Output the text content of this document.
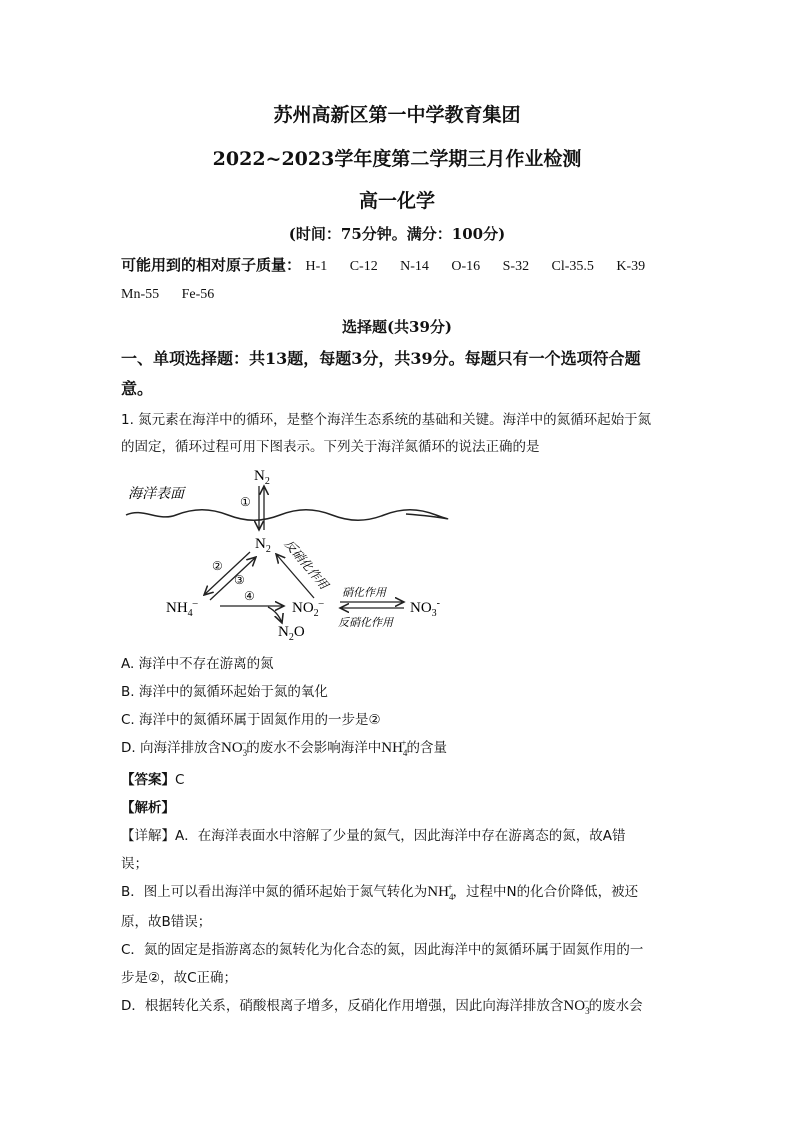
苏州高新区第一中学教育集团
2022~2023学年度第二学期三月作业检测
高一化学
(时间：75分钟。满分：100分)
可能用到的相对原子质量： H-1 C-12 N-14 O-16 S-32 Cl-35.5 K-39
Mn-55 Fe-56
选择题(共39分)
一、单项选择题：共13题，每题3分，共39分。每题只有一个选项符合题
意。
1. 氮元素在海洋中的循环，是整个海洋生态系统的基础和关键。海洋中的氮循环起始于氮
的固定，循环过程可用下图表示。下列关于海洋氮循环的说法正确的是
海洋表面
$N_2$
①
$N_2$
②
③	反硝化作用
$NH_4^-$
④
$NO_2^-$
$N_2O$
硝化作用
反硝化作用
$NO_3^-$
A. 海洋中不存在游离的氮
B. 海洋中的氮循环起始于氮的氧化
C. 海洋中的氮循环属于固氮作用的一步是②
D. 向海洋排放含$NO_3^-$的废水不会影响海洋中$NH_4^+$的含量
【答案】C
【解析】
【详解】A．在海洋表面水中溶解了少量的氮气，因此海洋中存在游离态的氮，故A错
误；
B．图上可以看出海洋中氮的循环起始于氮气转化为$NH_4^+$，过程中N的化合价降低，被还
原，故B错误；
C．氮的固定是指游离态的氮转化为化合态的氮，因此海洋中的氮循环属于固氮作用的一
步是②，故C正确；
D．根据转化关系，硝酸根离子增多，反硝化作用增强，因此向海洋排放含$NO_3^-$的废水会
